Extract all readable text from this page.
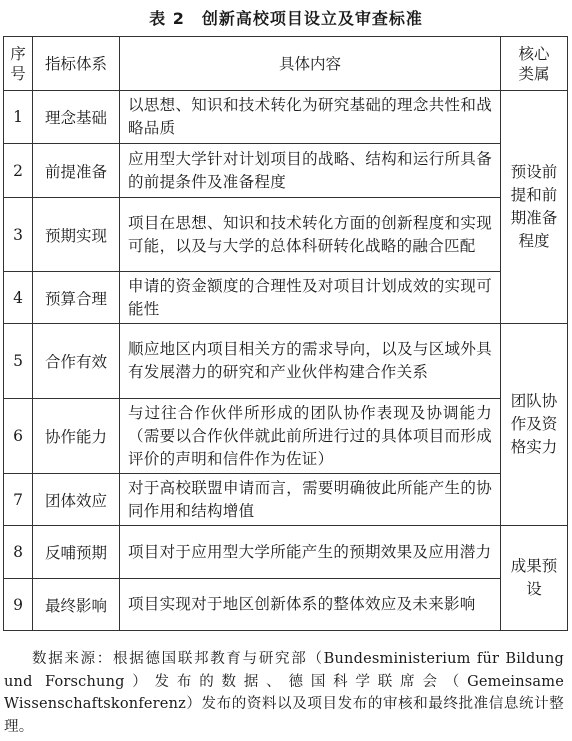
表 2　创新高校项目设立及审查标准
序号	指标体系	具体内容	核心类属
1	理念基础	以思想、知识和技术转化为研究基础的理念共性和战略品质	预设前提和前期准备程度
2	前提准备	应用型大学针对计划项目的战略、结构和运行所具备的前提条件及准备程度	
3	预期实现	项目在思想、知识和技术转化方面的创新程度和实现可能，以及与大学的总体科研转化战略的融合匹配	
4	预算合理	申请的资金额度的合理性及对项目计划成效的实现可能性	
5	合作有效	顺应地区内项目相关方的需求导向，以及与区域外具有发展潜力的研究和产业伙伴构建合作关系	团队协作及资格实力
6	协作能力	与过往合作伙伴所形成的团队协作表现及协调能力（需要以合作伙伴就此前所进行过的具体项目而形成评价的声明和信件作为佐证）	
7	团体效应	对于高校联盟申请而言，需要明确彼此所能产生的协同作用和结构增值	
8	反哺预期	项目对于应用型大学所能产生的预期效果及应用潜力	成果预设
9	最终影响	项目实现对于地区创新体系的整体效应及未来影响	
数据来源：根据德国联邦教育与研究部（Bundesministerium für Bildung und Forschung）发布的数据、德国科学联席会（Gemeinsame Wissenschaftskonferenz）发布的资料以及项目发布的审核和最终批准信息统计整理。
